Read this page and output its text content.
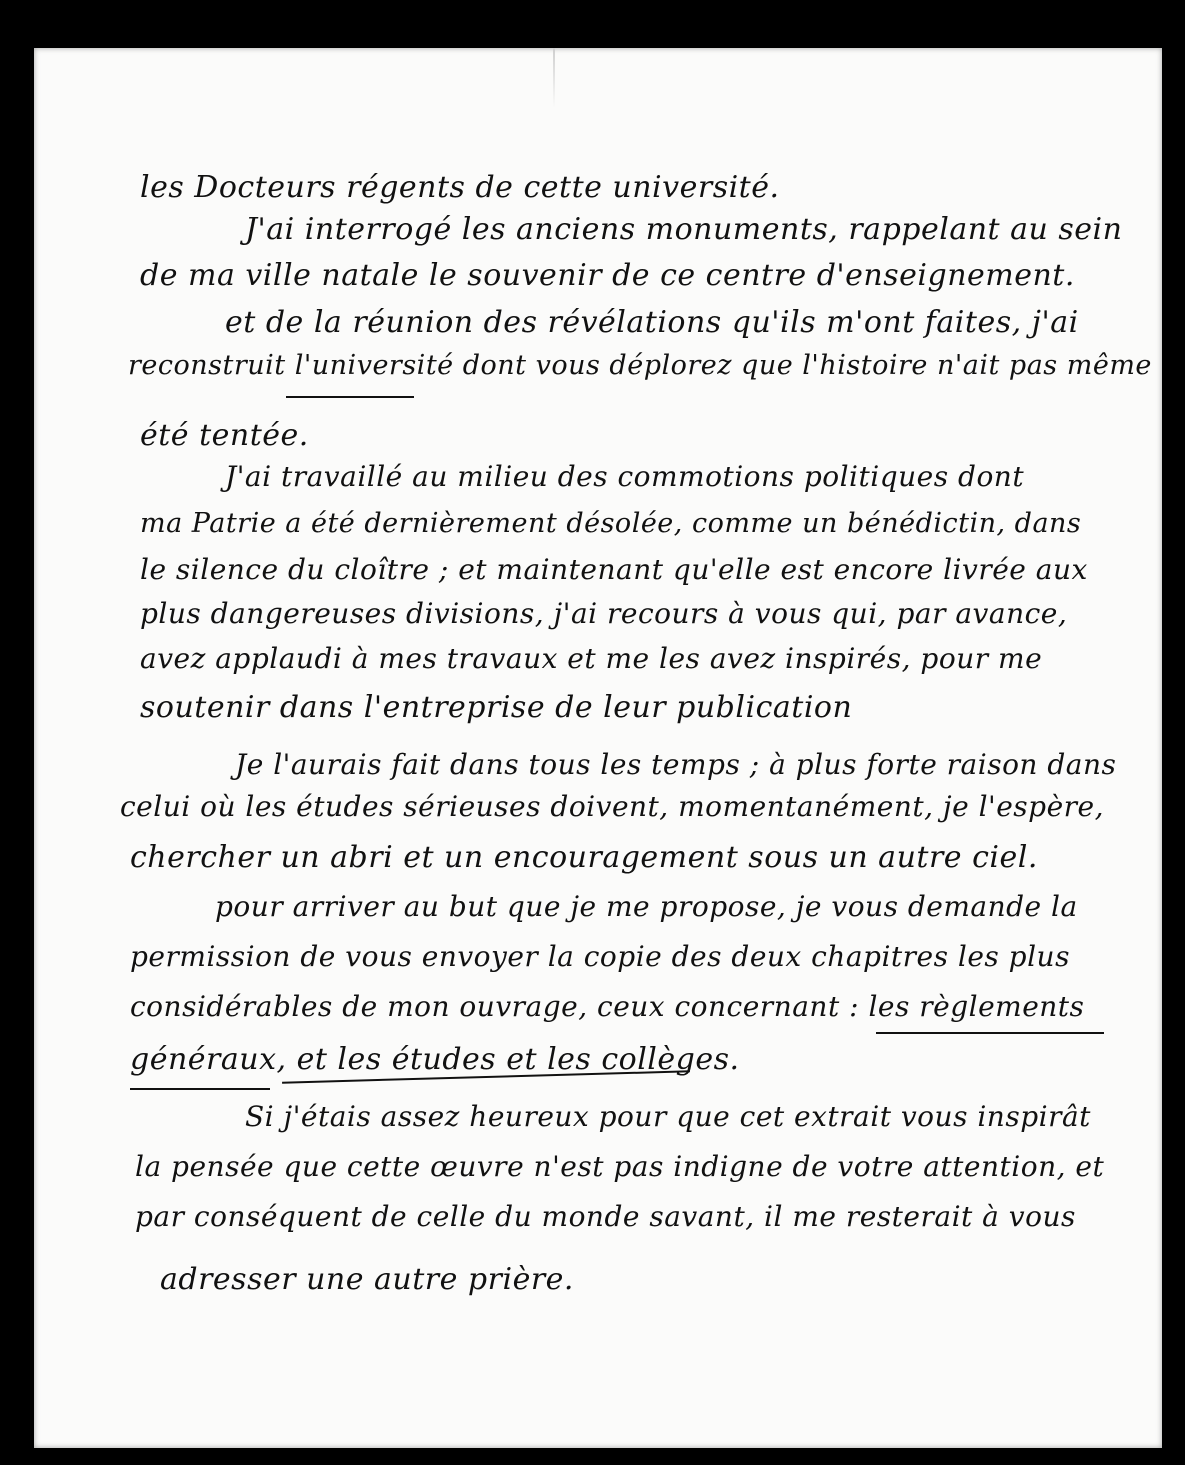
les Docteurs régents de cette université.
J'ai interrogé les anciens monuments, rappelant au sein
de ma ville natale le souvenir de ce centre d'enseignement.
et de la réunion des révélations qu'ils m'ont faites, j'ai
reconstruit l'université dont vous déplorez que l'histoire n'ait pas même
été tentée.
J'ai travaillé au milieu des commotions politiques dont
ma Patrie a été dernièrement désolée, comme un bénédictin, dans
le silence du cloître ; et maintenant qu'elle est encore livrée aux
plus dangereuses divisions, j'ai recours à vous qui, par avance,
avez applaudi à mes travaux et me les avez inspirés, pour me
soutenir dans l'entreprise de leur publication
Je l'aurais fait dans tous les temps ; à plus forte raison dans
celui où les études sérieuses doivent, momentanément, je l'espère,
chercher un abri et un encouragement sous un autre ciel.
pour arriver au but que je me propose, je vous demande la
permission de vous envoyer la copie des deux chapitres les plus
considérables de mon ouvrage, ceux concernant : les règlements
généraux, et les études et les collèges.
Si j'étais assez heureux pour que cet extrait vous inspirât
la pensée que cette œuvre n'est pas indigne de votre attention, et
par conséquent de celle du monde savant, il me resterait à vous
adresser une autre prière.
